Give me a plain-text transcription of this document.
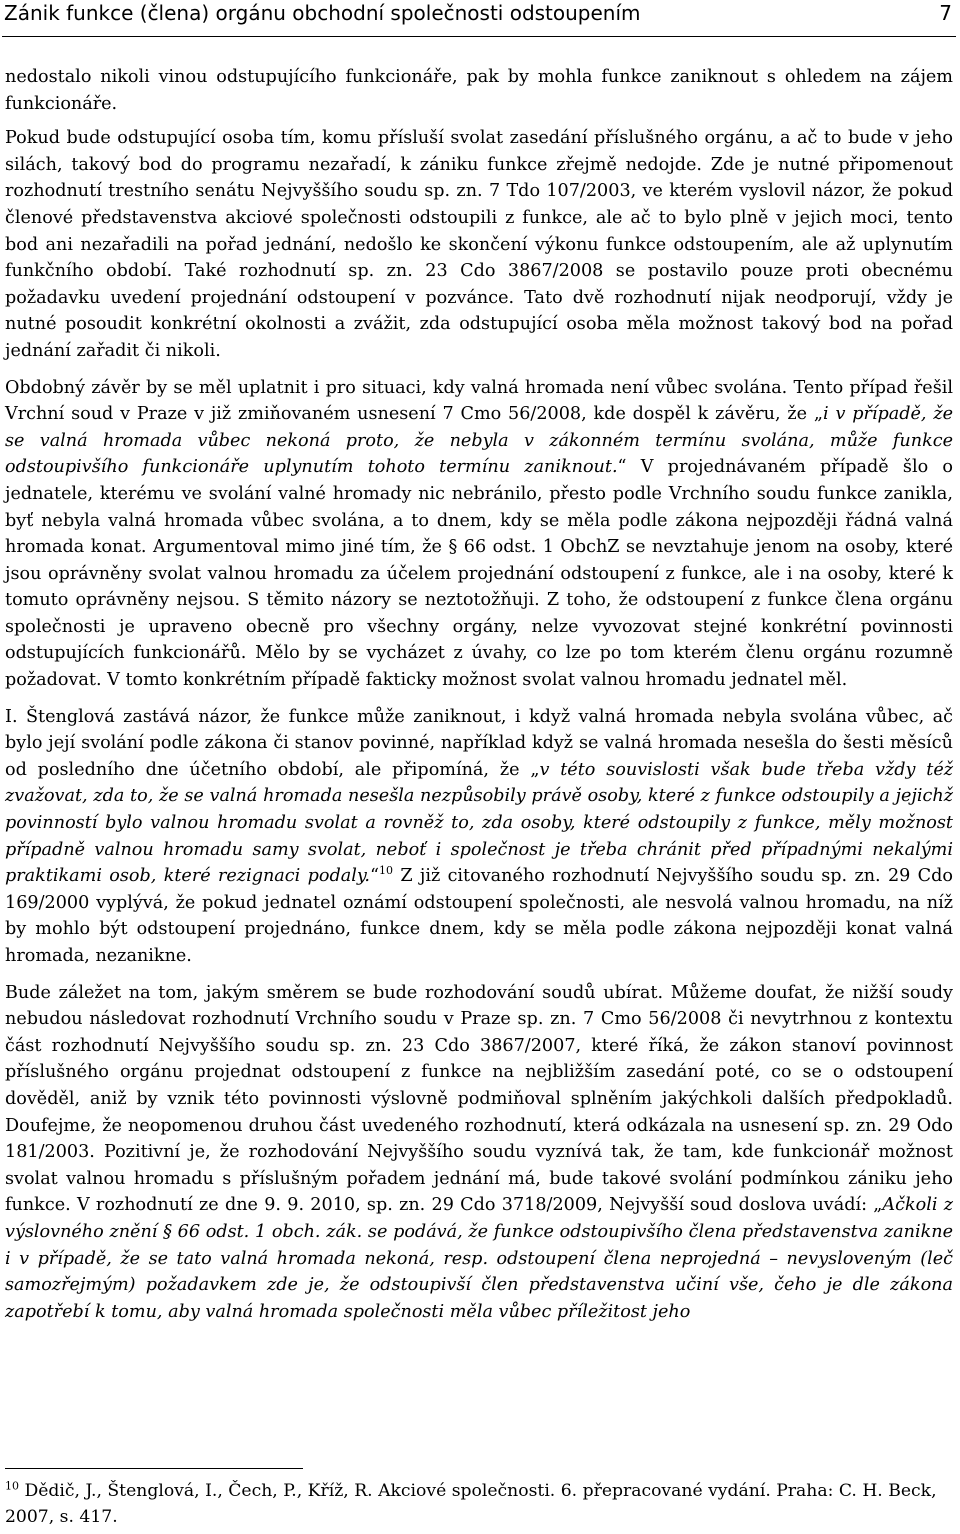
Zánik funkce (člena) orgánu obchodní společnosti odstoupením	7

nedostalo nikoli vinou odstupujícího funkcionáře, pak by mohla funkce zaniknout s ohledem na zájem funkcionáře.

Pokud bude odstupující osoba tím, komu přísluší svolat zasedání příslušného orgánu, a ač to bude v jeho silách, takový bod do programu nezařadí, k zániku funkce zřejmě nedojde. Zde je nutné připomenout rozhodnutí trestního senátu Nejvyššího soudu sp. zn. 7 Tdo 107/2003, ve kterém vyslovil názor, že pokud členové představenstva akciové společnosti odstoupili z funkce, ale ač to bylo plně v jejich moci, tento bod ani nezařadili na pořad jednání, nedošlo ke skončení výkonu funkce odstoupením, ale až uplynutím funkčního období. Také rozhodnutí sp. zn. 23 Cdo 3867/2008 se postavilo pouze proti obecnému požadavku uvedení projednání odstoupení v pozvánce. Tato dvě rozhodnutí nijak neodporují, vždy je nutné posoudit konkrétní okolnosti a zvážit, zda odstupující osoba měla možnost takový bod na pořad jednání zařadit či nikoli.

Obdobný závěr by se měl uplatnit i pro situaci, kdy valná hromada není vůbec svolána. Tento případ řešil Vrchní soud v Praze v již zmiňovaném usnesení 7 Cmo 56/2008, kde dospěl k závěru, že „i v případě, že se valná hromada vůbec nekoná proto, že nebyla v zákonném termínu svolána, může funkce odstoupivšího funkcionáře uplynutím tohoto termínu zaniknout.“ V projednávaném případě šlo o jednatele, kterému ve svolání valné hromady nic nebránilo, přesto podle Vrchního soudu funkce zanikla, byť nebyla valná hromada vůbec svolána, a to dnem, kdy se měla podle zákona nejpozději řádná valná hromada konat. Argumentoval mimo jiné tím, že § 66 odst. 1 ObchZ se nevztahuje jenom na osoby, které jsou oprávněny svolat valnou hromadu za účelem projednání odstoupení z funkce, ale i na osoby, které k tomuto oprávněny nejsou. S těmito názory se neztotožňuji. Z toho, že odstoupení z funkce člena orgánu společnosti je upraveno obecně pro všechny orgány, nelze vyvozovat stejné konkrétní povinnosti odstupujících funkcionářů. Mělo by se vycházet z úvahy, co lze po tom kterém členu orgánu rozumně požadovat. V tomto konkrétním případě fakticky možnost svolat valnou hromadu jednatel měl.

I. Štenglová zastává názor, že funkce může zaniknout, i když valná hromada nebyla svolána vůbec, ač bylo její svolání podle zákona či stanov povinné, například když se valná hromada nesešla do šesti měsíců od posledního dne účetního období, ale připomíná, že „v této souvislosti však bude třeba vždy též zvažovat, zda to, že se valná hromada nesešla nezpůsobily právě osoby, které z funkce odstoupily a jejichž povinností bylo valnou hromadu svolat a rovněž to, zda osoby, které odstoupily z funkce, měly možnost případně valnou hromadu samy svolat, neboť i společnost je třeba chránit před případnými nekalými praktikami osob, které rezignaci podaly.“$^{10}$ Z již citovaného rozhodnutí Nejvyššího soudu sp. zn. 29 Cdo 169/2000 vyplývá, že pokud jednatel oznámí odstoupení společnosti, ale nesvolá valnou hromadu, na níž by mohlo být odstoupení projednáno, funkce dnem, kdy se měla podle zákona nejpozději konat valná hromada, nezanikne.

Bude záležet na tom, jakým směrem se bude rozhodování soudů ubírat. Můžeme doufat, že nižší soudy nebudou následovat rozhodnutí Vrchního soudu v Praze sp. zn. 7 Cmo 56/2008 či nevytrhnou z kontextu část rozhodnutí Nejvyššího soudu sp. zn. 23 Cdo 3867/2007, které říká, že zákon stanoví povinnost příslušného orgánu projednat odstoupení z funkce na nejbližším zasedání poté, co se o odstoupení dověděl, aniž by vznik této povinnosti výslovně podmiňoval splněním jakýchkoli dalších předpokladů. Doufejme, že neopomenou druhou část uvedeného rozhodnutí, která odkázala na usnesení sp. zn. 29 Odo 181/2003. Pozitivní je, že rozhodování Nejvyššího soudu vyznívá tak, že tam, kde funkcionář možnost svolat valnou hromadu s příslušným pořadem jednání má, bude takové svolání podmínkou zániku jeho funkce. V rozhodnutí ze dne 9. 9. 2010, sp. zn. 29 Cdo 3718/2009, Nejvyšší soud doslova uvádí: „Ačkoli z výslovného znění § 66 odst. 1 obch. zák. se podává, že funkce odstoupivšího člena představenstva zanikne i v případě, že se tato valná hromada nekoná, resp. odstoupení člena neprojedná – nevysloveným (leč samozřejmým) požadavkem zde je, že odstoupivší člen představenstva učiní vše, čeho je dle zákona zapotřebí k tomu, aby valná hromada společnosti měla vůbec příležitost jeho

$^{10}$ Dědič, J., Štenglová, I., Čech, P., Kříž, R. Akciové společnosti. 6. přepracované vydání. Praha: C. H. Beck, 2007, s. 417.
